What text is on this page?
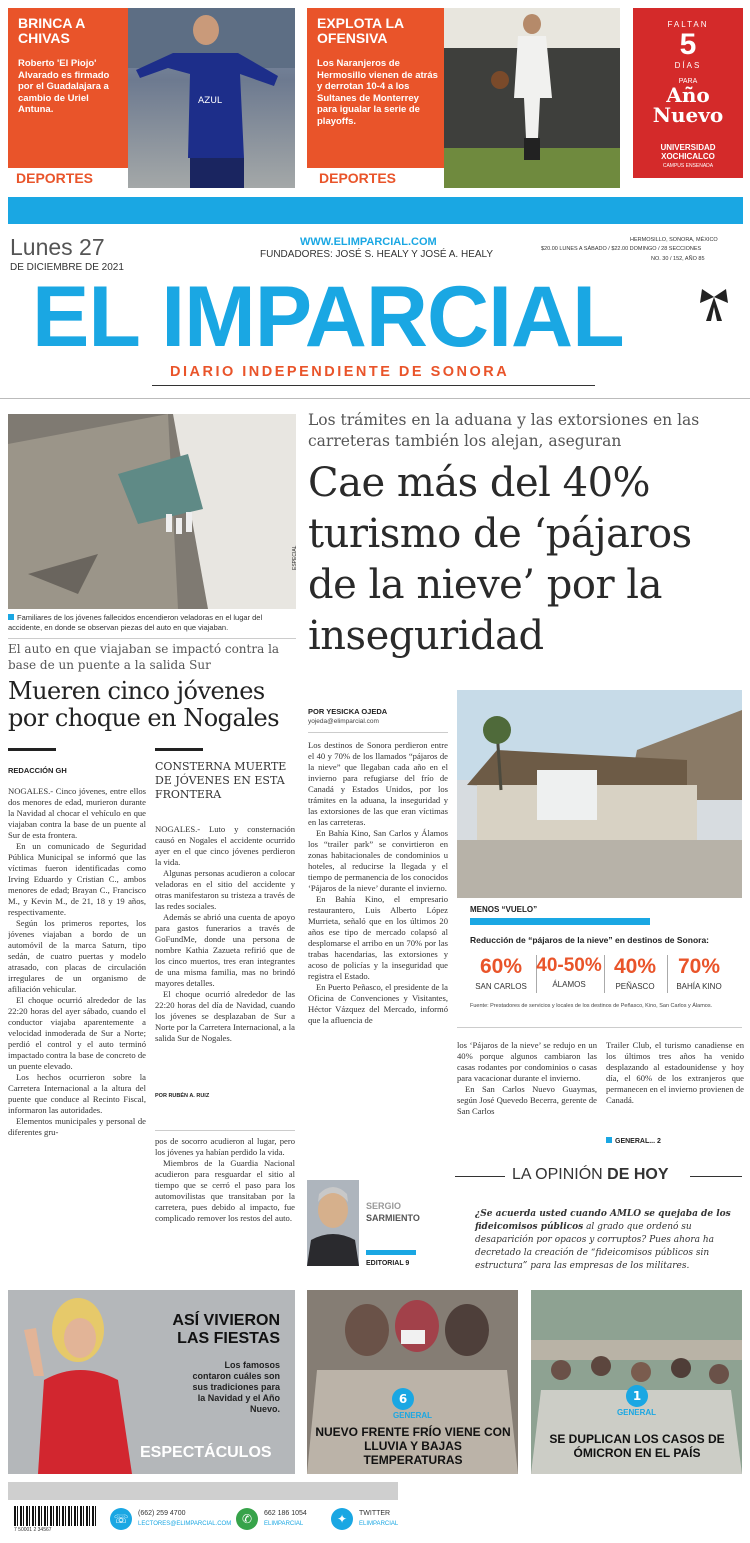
BRINCA A CHIVAS
Roberto 'El Piojo' Alvarado es firmado por el Guadalajara a cambio de Uriel Antuna.
AZUL
DEPORTES
EXPLOTA LA OFENSIVA
Los Naranjeros de Hermosillo vienen de atrás y derrotan 10-4 a los Sultanes de Monterrey para igualar la serie de playoffs.
DEPORTES
FALTAN
5
DÍAS
PARA
Año Nuevo
UNIVERSIDAD XOCHICALCO
CAMPUS ENSENADA
Lunes 27
DE DICIEMBRE DE 2021
WWW.ELIMPARCIAL.COM
FUNDADORES: JOSÉ S. HEALY Y JOSÉ A. HEALY
HERMOSILLO, SONORA, MÉXICO
$20.00 LUNES A SÁBADO / $22.00 DOMINGO / 28 SECCIONES
NO. 30 / 152, AÑO 85
EL IMPARCIAL
DIARIO INDEPENDIENTE DE SONORA
ESPECIAL
Familiares de los jóvenes fallecidos encendieron veladoras en el lugar del accidente, en donde se observan piezas del auto en que viajaban.
El auto en que viajaban se impactó contra la base de un puente a la salida Sur
Mueren cinco jóvenes por choque en Nogales
REDACCIÓN GH

NOGALES.- Cinco jóvenes, entre ellos dos menores de edad, murieron durante la Navidad al chocar el vehículo en que viajaban contra la base de un puente al Sur de esta frontera.

En un comunicado de Seguridad Pública Municipal se informó que las víctimas fueron identificadas como Irving Eduardo y Cristian C., ambos menores de edad; Brayan C., Francisco M., y Kevin M., de 21, 18 y 19 años, respectivamente.

Según los primeros reportes, los jóvenes viajaban a bordo de un automóvil de la marca Saturn, tipo sedán, de cuatro puertas y modelo atrasado, con placas de circulación irregulares de un organismo de afiliación vehicular.

El choque ocurrió alrededor de las 22:20 horas del ayer sábado, cuando el conductor viajaba aparentemente a velocidad inmoderada de Sur a Norte; perdió el control y el auto terminó impactado contra la base de concreto de un puente elevado.

Los hechos ocurrieron sobre la Carretera Internacional a la altura del puente que conduce al Recinto Fiscal, informaron las autoridades.

Elementos municipales y personal de diferentes gru-

CONSTERNA MUERTE DE JÓVENES EN ESTA FRONTERA

NOGALES.- Luto y consternación causó en Nogales el accidente ocurrido ayer en el que cinco jóvenes perdieron la vida.

Algunas personas acudieron a colocar veladoras en el sitio del accidente y otras manifestaron su tristeza a través de las redes sociales.

Además se abrió una cuenta de apoyo para gastos funerarios a través de GoFundMe, donde una persona de nombre Kathia Zazueta refirió que de los cinco muertos, tres eran integrantes de una misma familia, mas no brindó mayores detalles.

El choque ocurrió alrededor de las 22:20 horas del día de Navidad, cuando los jóvenes se desplazaban de Sur a Norte por la Carretera Internacional, a la salida Sur de Nogales.

POR RUBÉN A. RUIZ

pos de socorro acudieron al lugar, pero los jóvenes ya habían perdido la vida.

Miembros de la Guardia Nacional acudieron para resguardar el sitio al tiempo que se cerró el paso para los automovilistas que transitaban por la carretera, pues debido al impacto, fue complicado remover los restos del auto.

Los trámites en la aduana y las extorsiones en las carreteras también los alejan, aseguran
Cae más del 40% turismo de ‘pájaros de la nieve’ por la inseguridad
POR YESICKA OJEDA
yojeda@elimparcial.com

Los destinos de Sonora perdieron entre el 40 y 70% de los llamados “pájaros de la nieve” que llegaban cada año en el invierno para refugiarse del frío de Canadá y Estados Unidos, por los trámites en la aduana, la inseguridad y las extorsiones de las que eran víctimas en las carreteras.

En Bahía Kino, San Carlos y Álamos los “trailer park” se convirtieron en zonas habitacionales de condominios u hoteles, al reducirse la llegada y el tiempo de permanencia de los conocidos ‘Pájaros de la nieve’ durante el invierno.

En Bahía Kino, el empresario restaurantero, Luis Alberto López Murrieta, señaló que en los últimos 20 años ese tipo de mercado colapsó al desplomarse el arribo en un 70% por las trabas hacendarias, las extorsiones y acoso de policías y la inseguridad que registra el Estado.

En Puerto Peñasco, el presidente de la Oficina de Convenciones y Visitantes, Héctor Vázquez del Mercado, informó que la afluencia de

MENOS “VUELO”
Reducción de “pájaros de la nieve” en destinos de Sonora:
60%
SAN CARLOS
40-50%
ÁLAMOS
40%
PEÑASCO
70%
BAHÍA KINO
Fuente: Prestadores de servicios y locales de los destinos de Peñasco, Kino, San Carlos y Álamos.

los ‘Pájaros de la nieve’ se redujo en un 40% porque algunos cambiaron las casas rodantes por condominios o casas para vacacionar durante el invierno.

En San Carlos Nuevo Guaymas, según José Quevedo Becerra, gerente de San Carlos

Trailer Club, el turismo canadiense en los últimos tres años ha venido desplazando al estadounidense y hoy día, el 60% de los extranjeros que permanecen en el invierno provienen de Canadá.

GENERAL... 2
LA OPINIÓN DE HOY
SERGIO
SARMIENTO
EDITORIAL 9
¿Se acuerda usted cuando AMLO se quejaba de los fideicomisos públicos al grado que ordenó su desaparición por opacos y corruptos? Pues ahora ha decretado la creación de “fideicomisos públicos sin estructura” para las empresas de los militares.
ASÍ VIVIERON LAS FIESTAS
Los famosos contaron cuáles son sus tradiciones para la Navidad y el Año Nuevo.
ESPECTÁCULOS
6
GENERAL
NUEVO FRENTE FRÍO VIENE CON LLUVIA Y BAJAS TEMPERATURAS
1
GENERAL
SE DUPLICAN LOS CASOS DE ÓMICRON EN EL PAÍS
7 50001 2 34567
☏	(662) 259 4700
LECTORES@ELIMPARCIAL.COM ✆	662 186 1054
ELIMPARCIAL	✦	TWITTER
ELIMPARCIAL
